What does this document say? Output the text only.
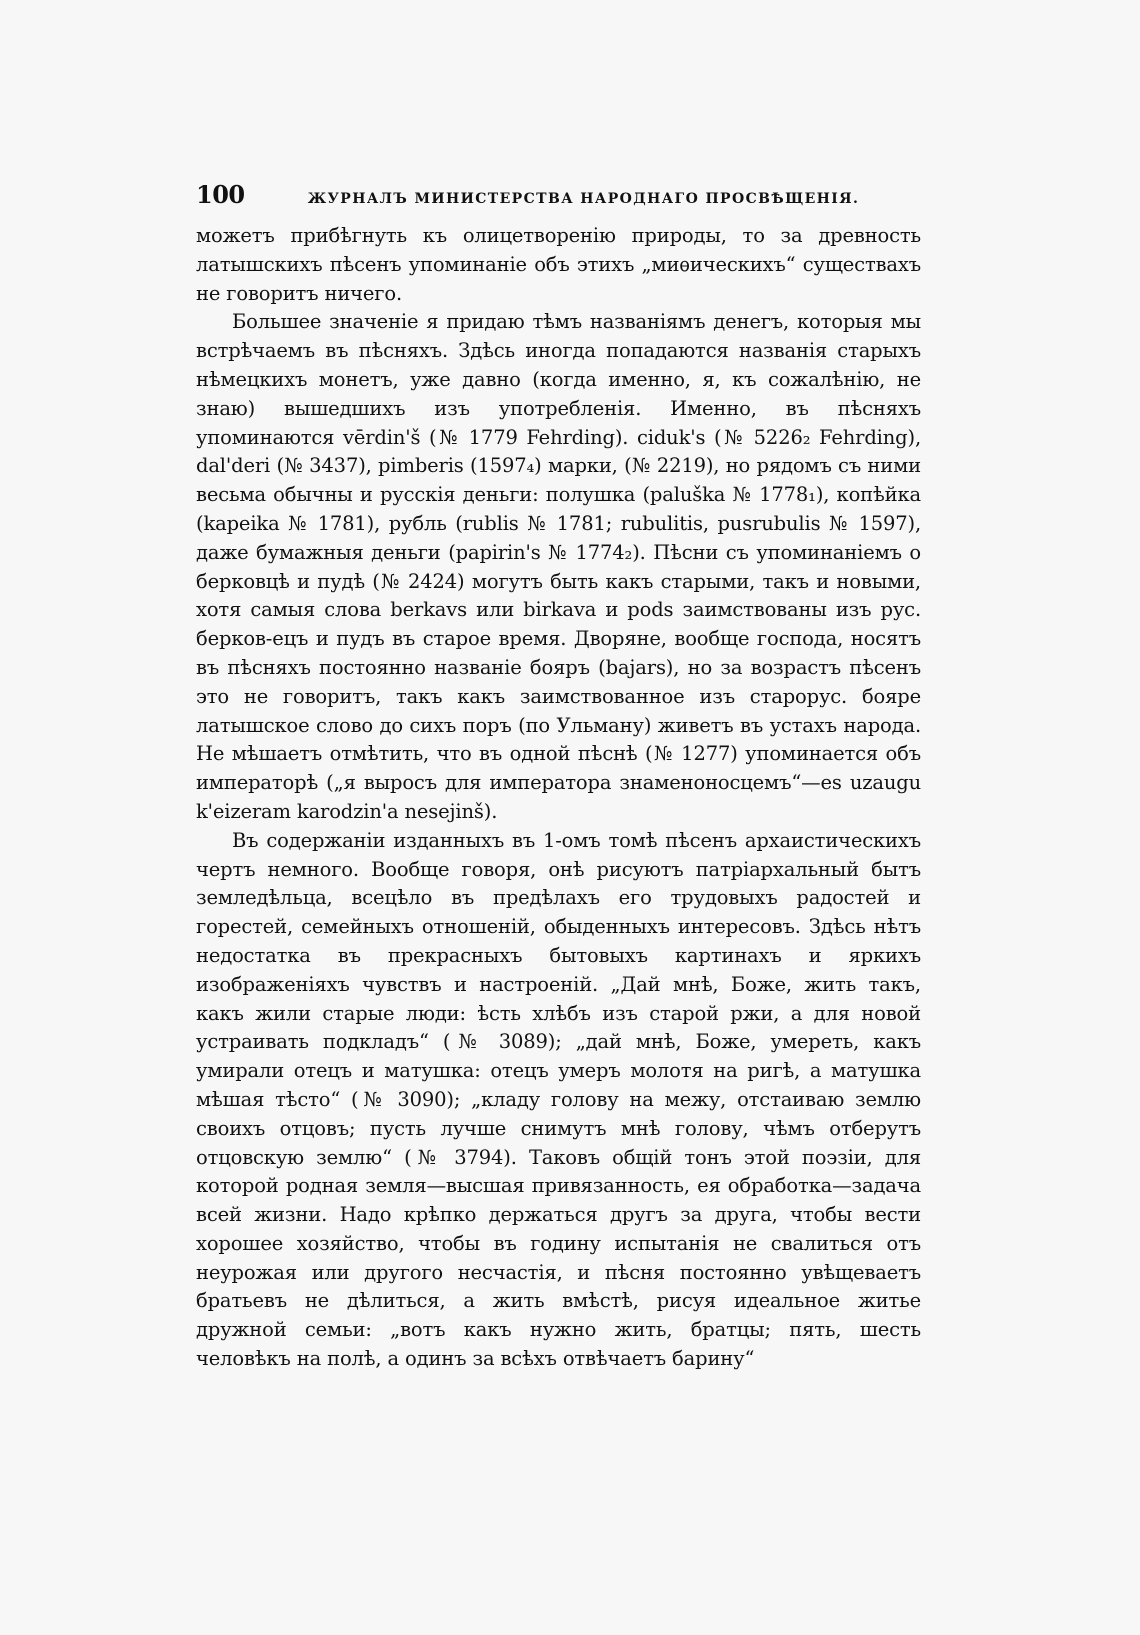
100	ЖУРНАЛЪ МИНИСТЕРСТВА НАРОДНАГО ПРОСВѢЩЕНІЯ.

можетъ прибѣгнуть къ олицетворенію природы, то за древность латышскихъ пѣсенъ упоминаніе объ этихъ „миѳическихъ“ существахъ не говоритъ ничего.

Большее значеніе я придаю тѣмъ названіямъ денегъ, которыя мы встрѣчаемъ въ пѣсняхъ. Здѣсь иногда попадаются названія старыхъ нѣмецкихъ монетъ, уже давно (когда именно, я, къ сожалѣнію, не знаю) вышедшихъ изъ употребленія. Именно, въ пѣсняхъ упоминаются vērdin'š (№ 1779 Fehrding). ciduk's (№ 5226₂ Fehrding), dal'deri (№ 3437), pimberis (1597₄) марки, (№ 2219), но рядомъ съ ними весьма обычны и русскія деньги: полушка (paluška № 1778₁), копѣйка (kapeika № 1781), рубль (rublis № 1781; rubulitis, pusrubulis № 1597), даже бумажныя деньги (papirin's № 1774₂). Пѣсни съ упоминаніемъ о берковцѣ и пудѣ (№ 2424) могутъ быть какъ старыми, такъ и новыми, хотя самыя слова berkavs или birkava и pods заимствованы изъ рус. берков-ецъ и пудъ въ старое время. Дворяне, вообще господа, носятъ въ пѣсняхъ постоянно названіе бояръ (bajars), но за возрастъ пѣсенъ это не говоритъ, такъ какъ заимствованное изъ старорус. бояре латышское слово до сихъ поръ (по Ульману) живетъ въ устахъ народа. Не мѣшаетъ отмѣтить, что въ одной пѣснѣ (№ 1277) упоминается объ императорѣ („я выросъ для императора знаменоносцемъ“—es uzaugu k'eizeram karodzin'a nesejinš).

Въ содержаніи изданныхъ въ 1-омъ томѣ пѣсенъ архаистическихъ чертъ немного. Вообще говоря, онѣ рисуютъ патріархальный бытъ земледѣльца, всецѣло въ предѣлахъ его трудовыхъ радостей и горестей, семейныхъ отношеній, обыденныхъ интересовъ. Здѣсь нѣтъ недостатка въ прекрасныхъ бытовыхъ картинахъ и яркихъ изображеніяхъ чувствъ и настроеній. „Дай мнѣ, Боже, жить такъ, какъ жили старые люди: ѣсть хлѣбъ изъ старой ржи, а для новой устраивать подкладъ“ (№ 3089); „дай мнѣ, Боже, умереть, какъ умирали отецъ и матушка: отецъ умеръ молотя на ригѣ, а матушка мѣшая тѣсто“ (№ 3090); „кладу голову на межу, отстаиваю землю своихъ отцовъ; пусть лучше снимутъ мнѣ голову, чѣмъ отберутъ отцовскую землю“ (№ 3794). Таковъ общій тонъ этой поэзіи, для которой родная земля—высшая привязанность, ея обработка—задача всей жизни. Надо крѣпко держаться другъ за друга, чтобы вести хорошее хозяйство, чтобы въ годину испытанія не свалиться отъ неурожая или другого несчастія, и пѣсня постоянно увѣщеваетъ братьевъ не дѣлиться, а жить вмѣстѣ, рисуя идеальное житье дружной семьи: „вотъ какъ нужно жить, братцы; пять, шесть человѣкъ на полѣ, а одинъ за всѣхъ отвѣчаетъ барину“
